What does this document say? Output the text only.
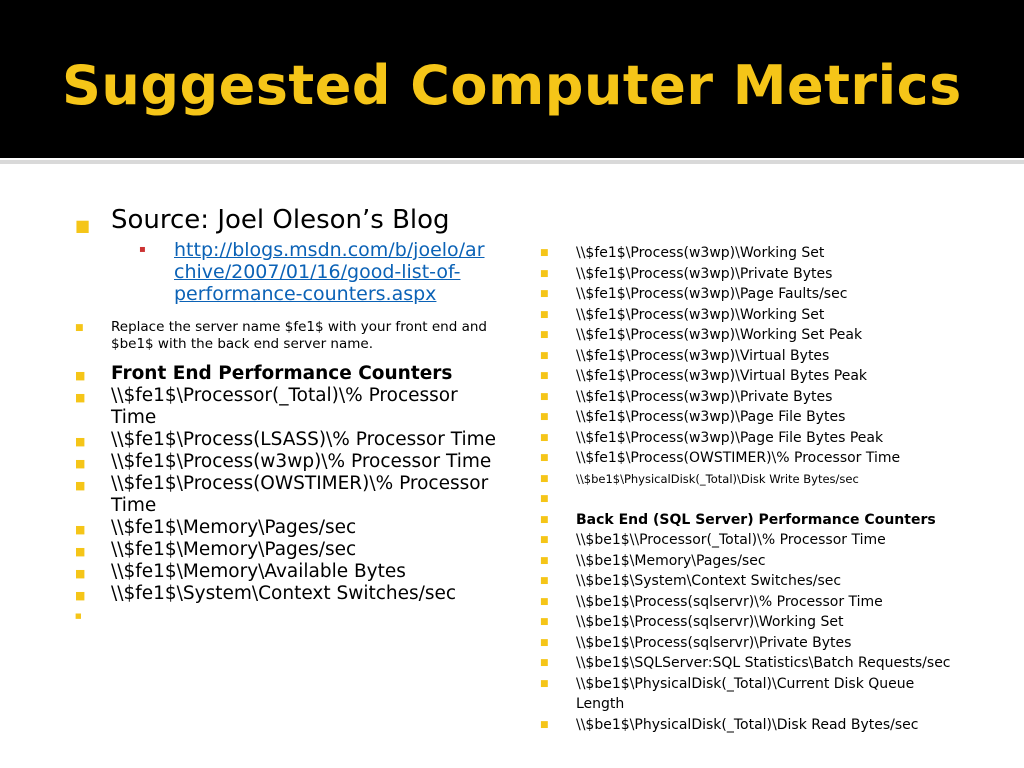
Suggested Computer Metrics
■ Source: Joel Oleson’s Blog
▪ http://blogs.msdn.com/b/joelo/ar
chive/2007/01/16/good-list-of-
performance-counters.aspx
■ Replace the server name $fe1$ with your front end and $be1$ with the back end server name.
■ Front End Performance Counters
■ \\$fe1$\Processor(_Total)\% Processor Time
■ \\$fe1$\Process(LSASS)\% Processor Time
■ \\$fe1$\Process(w3wp)\% Processor Time
■ \\$fe1$\Process(OWSTIMER)\% Processor Time
■ \\$fe1$\Memory\Pages/sec
■ \\$fe1$\Memory\Pages/sec
■ \\$fe1$\Memory\Available Bytes
■ \\$fe1$\System\Context Switches/sec
■
■ \\$fe1$\Process(w3wp)\Working Set
■ \\$fe1$\Process(w3wp)\Private Bytes
■ \\$fe1$\Process(w3wp)\Page Faults/sec
■ \\$fe1$\Process(w3wp)\Working Set
■ \\$fe1$\Process(w3wp)\Working Set Peak
■ \\$fe1$\Process(w3wp)\Virtual Bytes
■ \\$fe1$\Process(w3wp)\Virtual Bytes Peak
■ \\$fe1$\Process(w3wp)\Private Bytes
■ \\$fe1$\Process(w3wp)\Page File Bytes
■ \\$fe1$\Process(w3wp)\Page File Bytes Peak
■ \\$fe1$\Process(OWSTIMER)\% Processor Time
■ \\$be1$\PhysicalDisk(_Total)\Disk Write Bytes/sec
■

■ Back End (SQL Server) Performance Counters
■ \\$be1$\\Processor(_Total)\% Processor Time
■ \\$be1$\Memory\Pages/sec
■ \\$be1$\System\Context Switches/sec
■ \\$be1$\Process(sqlservr)\% Processor Time
■ \\$be1$\Process(sqlservr)\Working Set
■ \\$be1$\Process(sqlservr)\Private Bytes
■ \\$be1$\SQLServer:SQL Statistics\Batch Requests/sec
■ \\$be1$\PhysicalDisk(_Total)\Current Disk Queue Length
■ \\$be1$\PhysicalDisk(_Total)\Disk Read Bytes/sec
